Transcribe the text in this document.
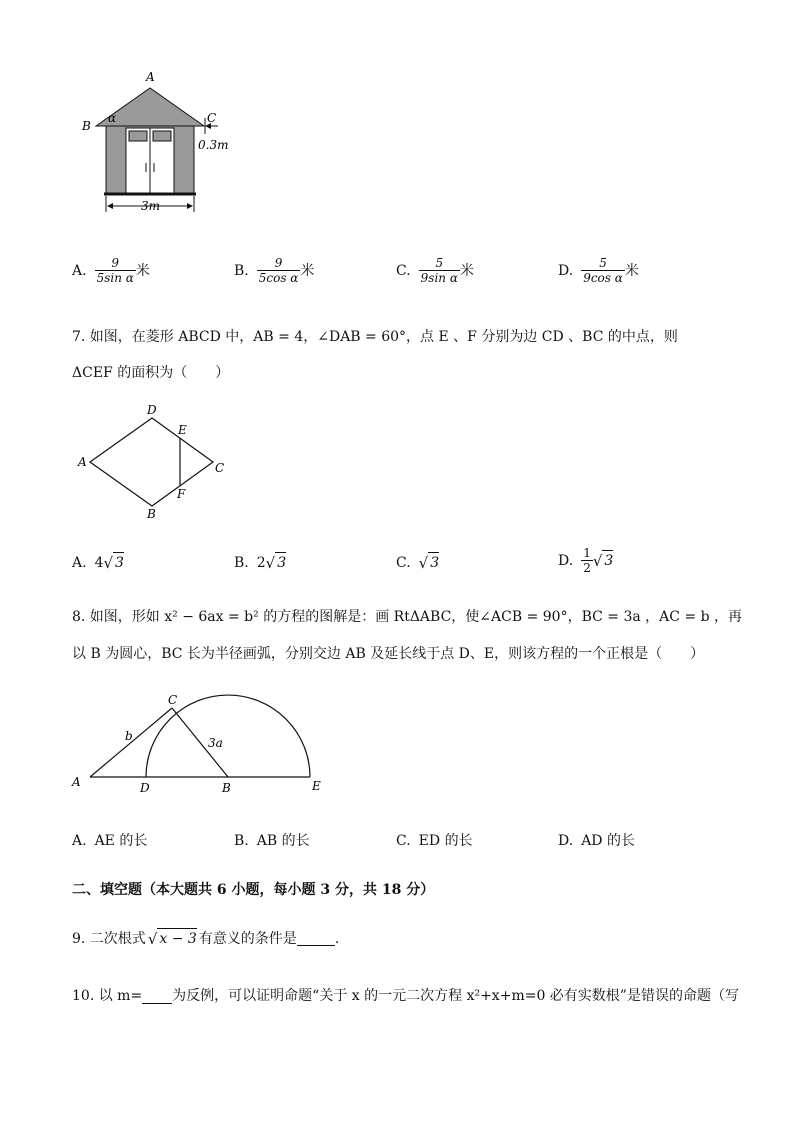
3m
0.3m
A
B
C
α
A. $\frac{9}{\text{5sin α}}$ 米	B. $\frac{9}{\text{5cos α}}$ 米	C. $\frac{5}{\text{9sin α}}$ 米	D. $\frac{5}{\text{9cos α}}$ 米
7. 如图，在菱形 ABCD 中，AB = 4，∠DAB = 60°，点 E 、F 分别为边 CD 、BC 的中点，则
ΔCEF 的面积为（　　）
A
D
C
B
E
F
A. 4 √ 3	B. 2 √ 3	C. √ 3	D. $\frac{1}{2}$ √ 3
8. 如图，形如 x² − 6ax = b² 的方程的图解是：画 RtΔABC，使∠ACB = 90°，BC = 3a ，AC = b ，再
以 B 为圆心，BC 长为半径画弧，分别交边 AB 及延长线于点 D、E，则该方程的一个正根是（　　）
A	D	B	E
C
b	3a
A. AE 的长	B. AB 的长	C. ED 的长	D. AD 的长
二、填空题（本大题共 6 小题，每小题 3 分，共 18 分）
9. 二次根式 √ x − 3 有意义的条件是	.
10. 以 m= 为反例，可以证明命题“关于 x 的一元二次方程 x²+x+m=0 必有实数根”是错误的命题（写
